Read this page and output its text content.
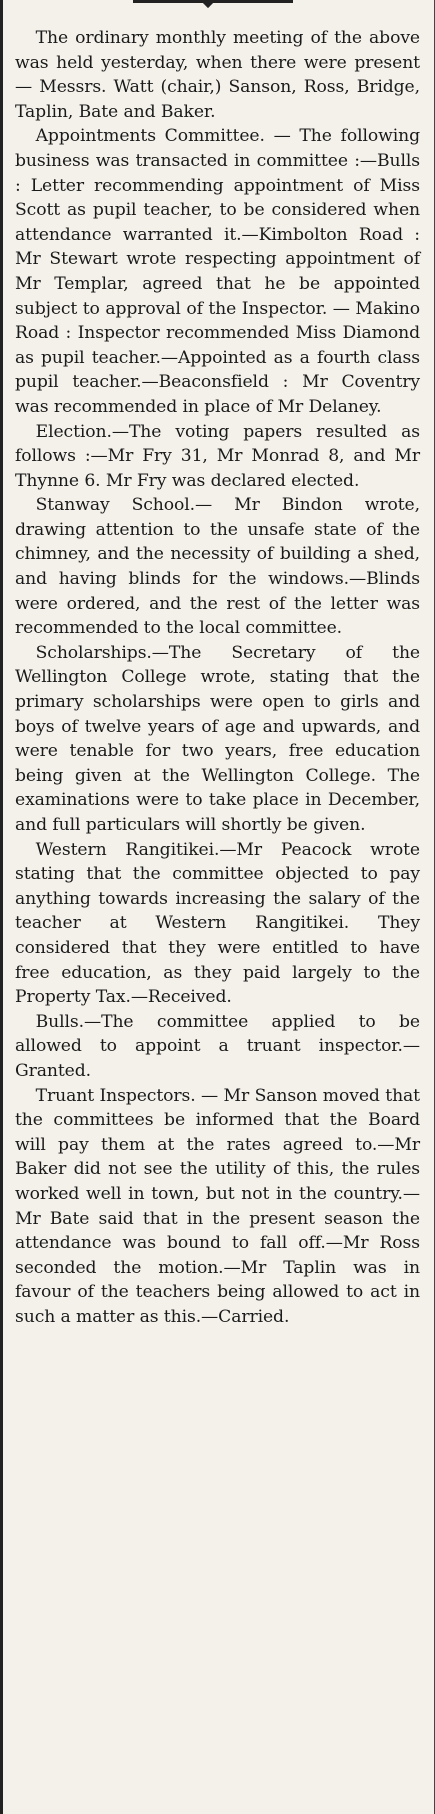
The ordinary monthly meeting of the above was held yesterday, when there were present — Messrs. Watt (chair,) Sanson, Ross, Bridge, Taplin, Bate and Baker.

Appointments Committee. — The following business was transacted in committee :—Bulls : Letter recommending appointment of Miss Scott as pupil teacher, to be considered when attendance warranted it.—Kimbolton Road : Mr Stewart wrote respecting appointment of Mr Templar, agreed that he be appointed subject to approval of the Inspector. — Makino Road : Inspector recommended Miss Diamond as pupil teacher.—Appointed as a fourth class pupil teacher.—Beaconsfield : Mr Coventry was recommended in place of Mr Delaney.

Election.—The voting papers resulted as follows :—Mr Fry 31, Mr Monrad 8, and Mr Thynne 6. Mr Fry was declared elected.

Stanway School.— Mr Bindon wrote, drawing attention to the unsafe state of the chimney, and the necessity of building a shed, and having blinds for the windows.—Blinds were ordered, and the rest of the letter was recommended to the local committee.

Scholarships.—The Secretary of the Wellington College wrote, stating that the primary scholarships were open to girls and boys of twelve years of age and upwards, and were tenable for two years, free education being given at the Wellington College. The examinations were to take place in December, and full particulars will shortly be given.

Western Rangitikei.—Mr Peacock wrote stating that the committee objected to pay anything towards increasing the salary of the teacher at Western Rangitikei. They considered that they were entitled to have free education, as they paid largely to the Property Tax.—Received.

Bulls.—The committee applied to be allowed to appoint a truant inspector.—Granted.

Truant Inspectors. — Mr Sanson moved that the committees be informed that the Board will pay them at the rates agreed to.—Mr Baker did not see the utility of this, the rules worked well in town, but not in the country.—Mr Bate said that in the present season the attendance was bound to fall off.—Mr Ross seconded the motion.—Mr Taplin was in favour of the teachers being allowed to act in such a matter as this.—Carried.
